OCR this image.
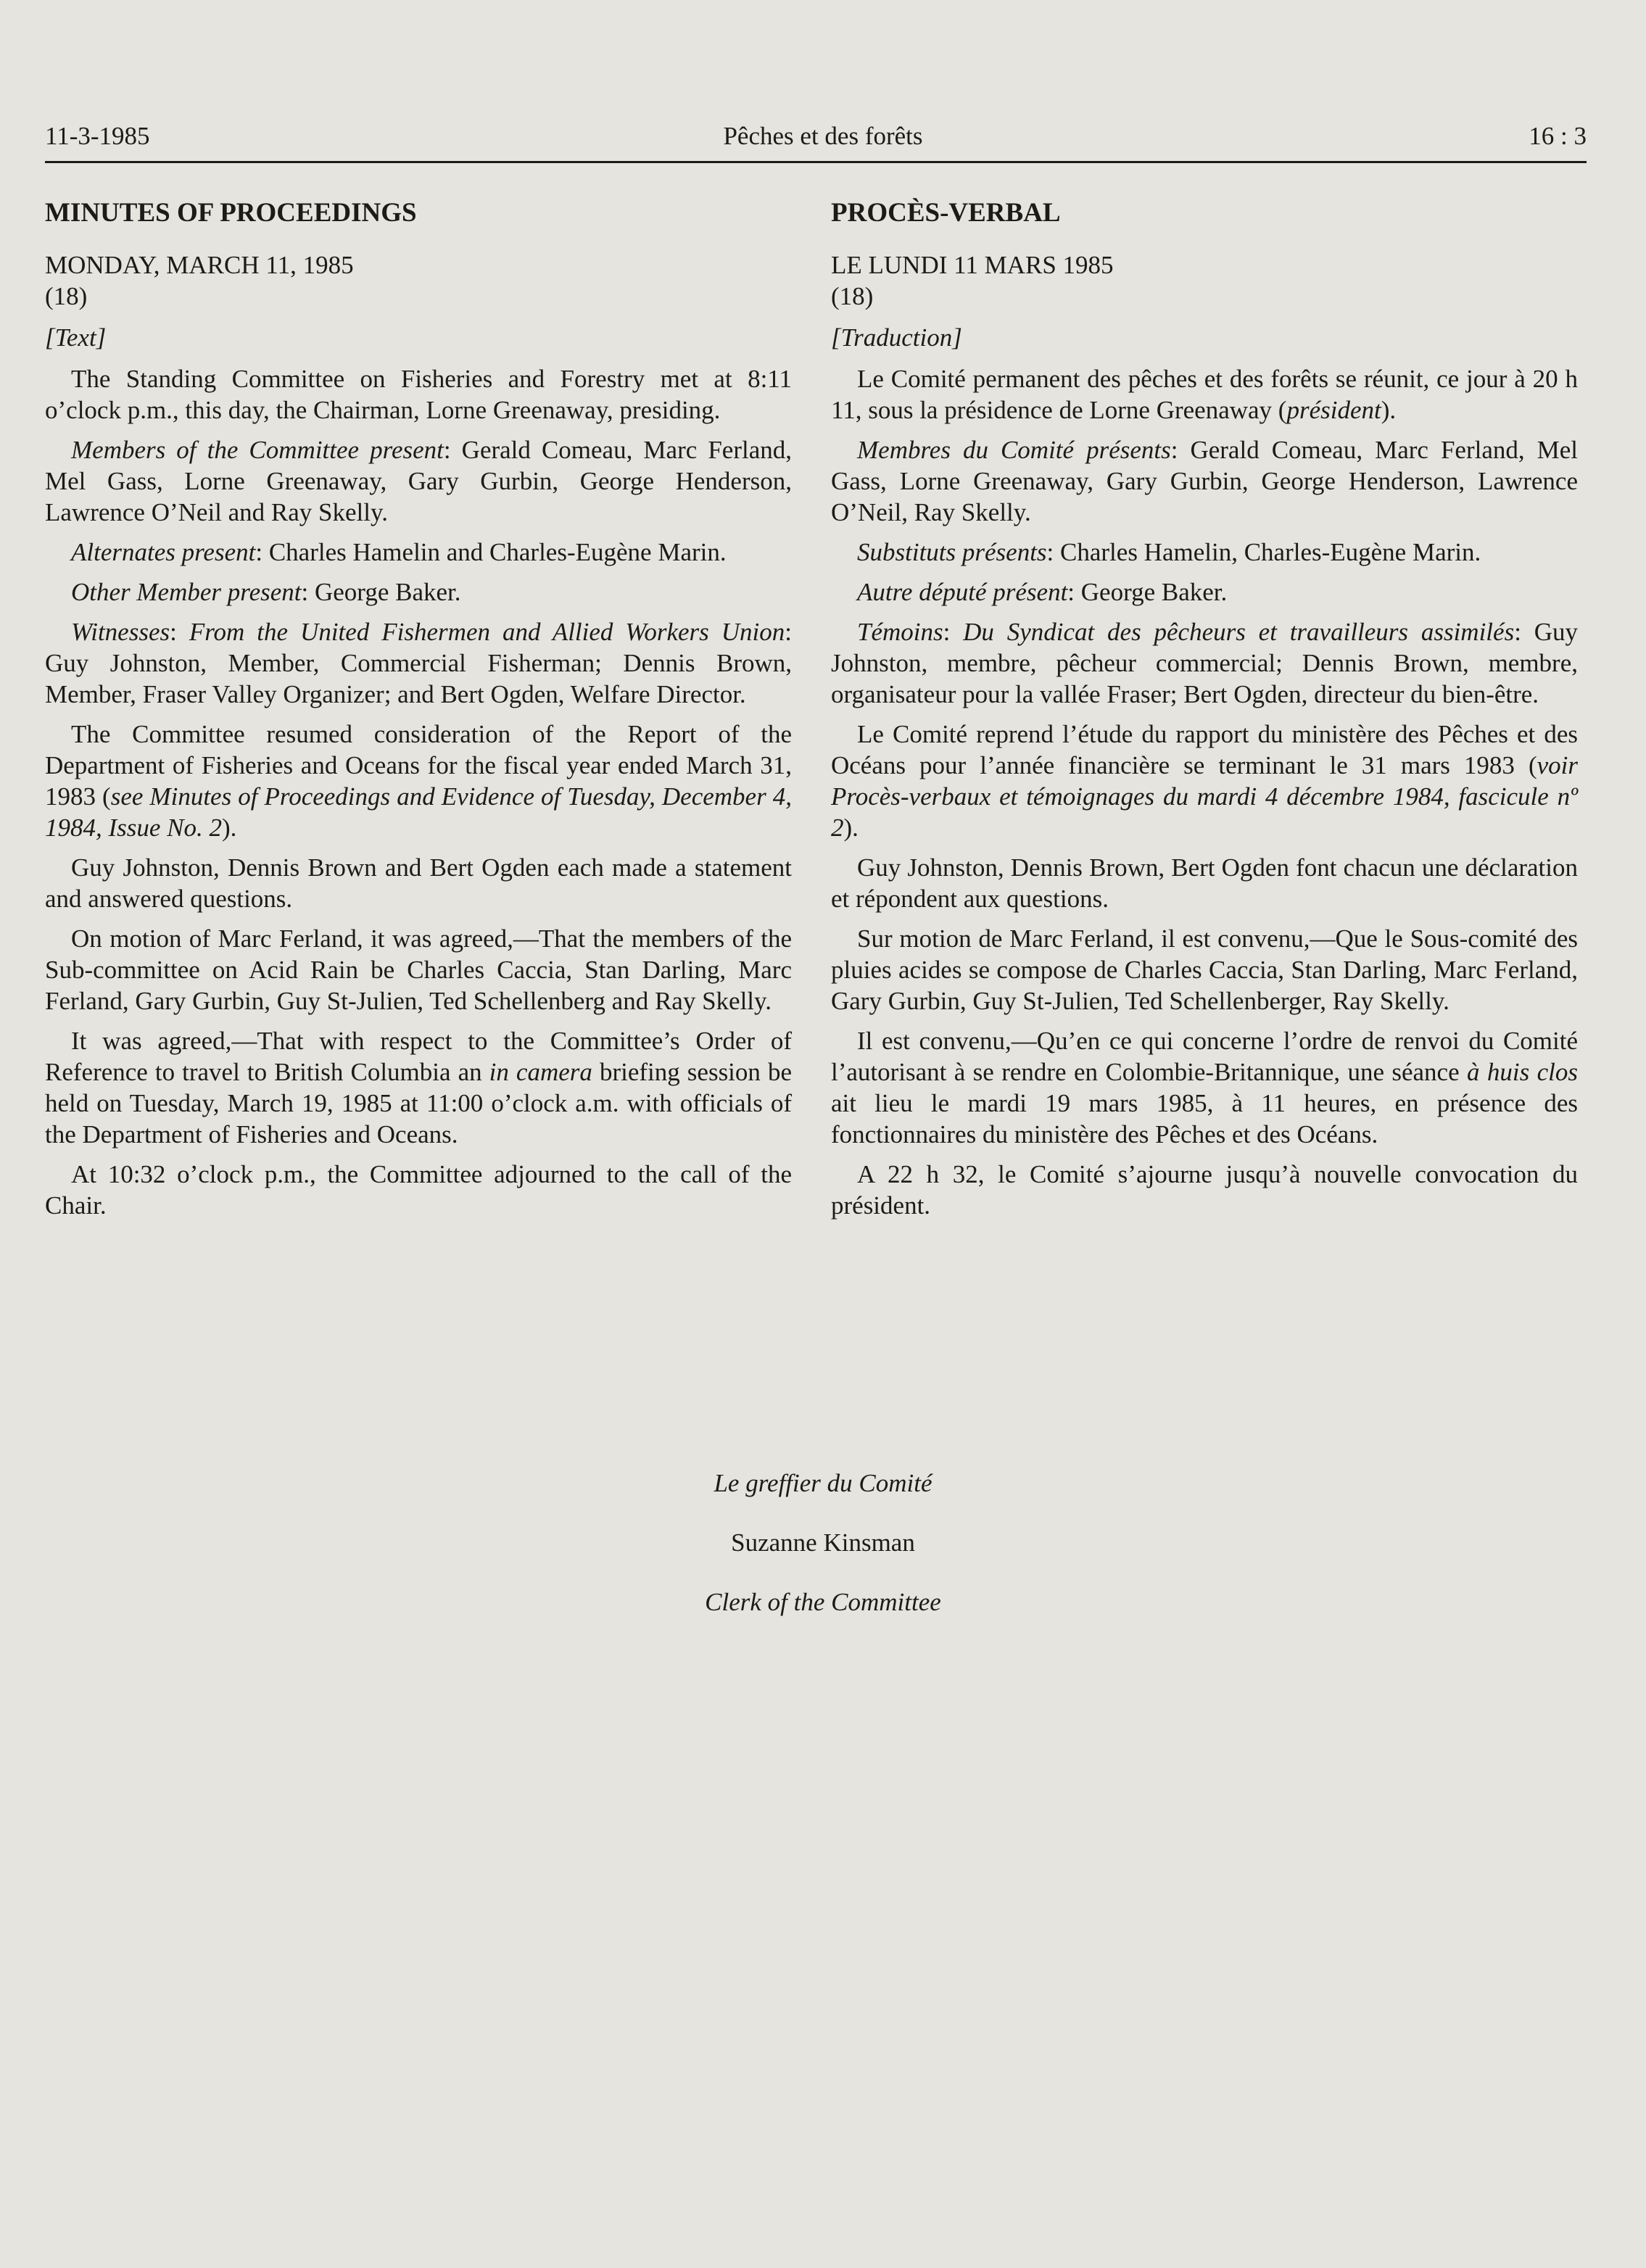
11-3-1985	Pêches et des forêts	16 : 3
MINUTES OF PROCEEDINGS
MONDAY, MARCH 11, 1985
(18)
[Text]

The Standing Committee on Fisheries and Forestry met at 8:11 o’clock p.m., this day, the Chairman, Lorne Greenaway, presiding.

Members of the Committee present: Gerald Comeau, Marc Ferland, Mel Gass, Lorne Greenaway, Gary Gurbin, George Henderson, Lawrence O’Neil and Ray Skelly.

Alternates present: Charles Hamelin and Charles-Eugène Marin.

Other Member present: George Baker.

Witnesses: From the United Fishermen and Allied Workers Union: Guy Johnston, Member, Commercial Fisherman; Dennis Brown, Member, Fraser Valley Organizer; and Bert Ogden, Welfare Director.

The Committee resumed consideration of the Report of the Department of Fisheries and Oceans for the fiscal year ended March 31, 1983 (see Minutes of Proceedings and Evidence of Tuesday, December 4, 1984, Issue No. 2).

Guy Johnston, Dennis Brown and Bert Ogden each made a statement and answered questions.

On motion of Marc Ferland, it was agreed,—That the members of the Sub-committee on Acid Rain be Charles Caccia, Stan Darling, Marc Ferland, Gary Gurbin, Guy St-Julien, Ted Schellenberg and Ray Skelly.

It was agreed,—That with respect to the Committee’s Order of Reference to travel to British Columbia an in camera briefing session be held on Tuesday, March 19, 1985 at 11:00 o’clock a.m. with officials of the Department of Fisheries and Oceans.

At 10:32 o’clock p.m., the Committee adjourned to the call of the Chair.

PROCÈS-VERBAL
LE LUNDI 11 MARS 1985
(18)
[Traduction]

Le Comité permanent des pêches et des forêts se réunit, ce jour à 20 h 11, sous la présidence de Lorne Greenaway (président).

Membres du Comité présents: Gerald Comeau, Marc Ferland, Mel Gass, Lorne Greenaway, Gary Gurbin, George Henderson, Lawrence O’Neil, Ray Skelly.

Substituts présents: Charles Hamelin, Charles-Eugène Marin.

Autre député présent: George Baker.

Témoins: Du Syndicat des pêcheurs et travailleurs assimilés: Guy Johnston, membre, pêcheur commercial; Dennis Brown, membre, organisateur pour la vallée Fraser; Bert Ogden, directeur du bien-être.

Le Comité reprend l’étude du rapport du ministère des Pêches et des Océans pour l’année financière se terminant le 31 mars 1983 (voir Procès-verbaux et témoignages du mardi 4 décembre 1984, fascicule nº 2).

Guy Johnston, Dennis Brown, Bert Ogden font chacun une déclaration et répondent aux questions.

Sur motion de Marc Ferland, il est convenu,—Que le Sous-comité des pluies acides se compose de Charles Caccia, Stan Darling, Marc Ferland, Gary Gurbin, Guy St-Julien, Ted Schellenberger, Ray Skelly.

Il est convenu,—Qu’en ce qui concerne l’ordre de renvoi du Comité l’autorisant à se rendre en Colombie-Britannique, une séance à huis clos ait lieu le mardi 19 mars 1985, à 11 heures, en présence des fonctionnaires du ministère des Pêches et des Océans.

A 22 h 32, le Comité s’ajourne jusqu’à nouvelle convocation du président.

Le greffier du Comité
Suzanne Kinsman
Clerk of the Committee
